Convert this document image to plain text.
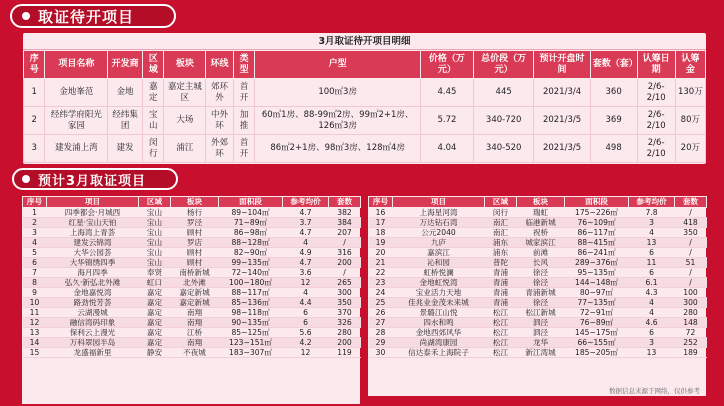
取证待开项目
3月取证待开项目明细
序号	项目名称	开发商	区域	板块	环线	类型	户型	价格（万元）	总价段（万元）	预计开盘时间	套数（套）	认筹日期	认筹金
1	金地峯范	金地	嘉定	嘉定主城区	郊环外	首开	100㎡3房	4.45	445	2021/3/4	360	2/6-2/10	130万
2	经纬学府阳光家园	经纬集团	宝山	大场	中外环	加推	60㎡1房、88-99㎡2房、99㎡2+1房、126㎡3房	5.72	340-720	2021/3/5	369	2/6-2/10	80万
3	建发浦上湾	建发	闵行	浦江	外郊环	首开	86㎡2+1房、98㎡3房、128㎡4房	4.04	340-520	2021/3/5	498	2/6-2/10	20万
预计3月取证项目
序号	项目	区域	板块	面积段	参考均价	套数
1	四季都会·月城西	宝山	杨行	89~104㎡	4.7	382
2	红星·宝山天铂	宝山	罗泾	71~89㎡	3.7	384
3	上海湾上青荟	宝山	顾村	86~98㎡	4.7	207
4	建发云锦湾	宝山	罗店	88~128㎡	4	/
5	大华公园荟	宝山	顾村	82~90㎡	4.9	316
6	大华锦绣四季	宝山	顾村	99~135㎡	4.7	200
7	海月四季	奉贤	南桥新城	72~140㎡	3.6	/
8	弘久·新弘北外滩	虹口	北外滩	100~180㎡	12	265
9	金地嘉悦湾	嘉定	嘉定新城	88~117㎡	4	300
10	路劲悦芳荟	嘉定	嘉定新城	85~136㎡	4.4	350
11	云湖漫城	嘉定	南翔	98~118㎡	6	370
12	融信湾码印象	嘉定	南翔	90~135㎡	6	326
13	保利云上漫光	嘉定	江桥	85~125㎡	5.6	280
14	万科翠园半岛	嘉定	南翔	123~151㎡	4.2	200
15	龙盛福新里	静安	不夜城	183~307㎡	12	119
序号	项目	区域	板块	面积段	参考均价	套数
16	上海星河湾	闵行	瑞虹	175~226㎡	7.8	/
17	万达钻石湾	南汇	临港新城	76~109㎡	3	418
18	公元2040	南汇	祝桥	86~117㎡	4	350
19	九庐	浦东	城家滨江	88~415㎡	13	/
20	嘉滨江	浦东	前滩	86~241㎡	6	/
21	沁和园	普陀	长风	289~376㎡	11	51
22	虹桥悦澜	青浦	徐泾	95~135㎡	6	/
23	金地虹悦湾	青浦	徐泾	144~148㎡	6.1	/
24	宝业活力天地	青浦	青浦新城	80~97㎡	4.3	100
25	佳兆业金茂未来城	青浦	徐泾	77~135㎡	4	300
26	景璐江山悦	松江	松江新城	72~91㎡	4	280
27	四水和鸣	松江	泗泾	76~89㎡	4.6	148
28	金地西郊风华	松江	泗泾	145~175㎡	6	72
29	尚湖湾康园	松江	龙华	66~155㎡	3	252
30	信达泰禾上海院子	松江	新江湾城	185~205㎡	13	189
数据信息来源于网络，仅供参考
